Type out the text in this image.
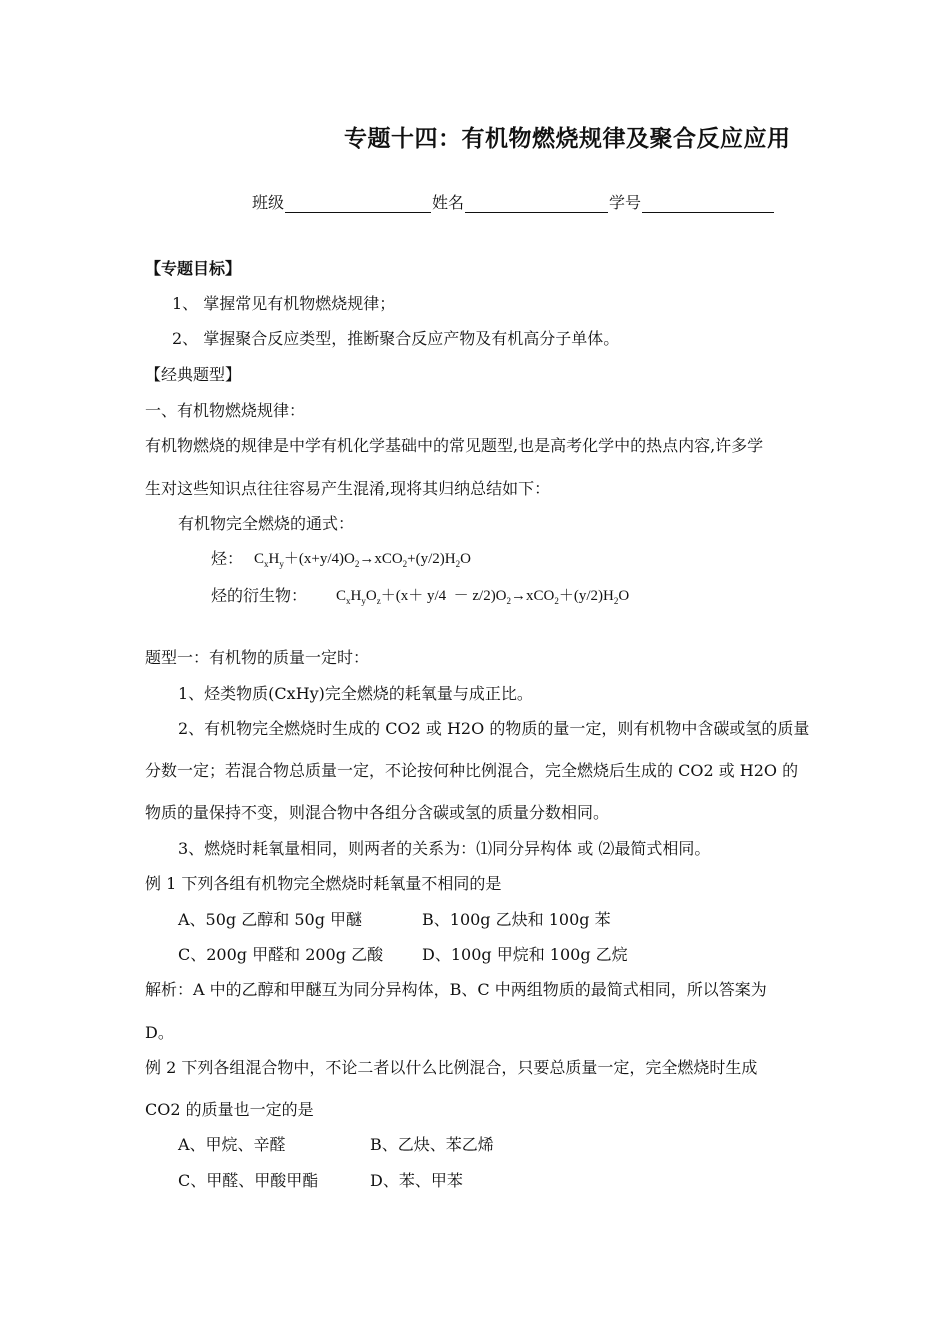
专题十四：有机物燃烧规律及聚合反应应用
班级	姓名	学号
【专题目标】
1、 掌握常见有机物燃烧规律；
2、 掌握聚合反应类型，推断聚合反应产物及有机高分子单体。
【经典题型】
一、有机物燃烧规律：
有机物燃烧的规律是中学有机化学基础中的常见题型,也是高考化学中的热点内容,许多学
生对这些知识点往往容易产生混淆,现将其归纳总结如下：
有机物完全燃烧的通式：
烃： $C_xH_y+(x+y/4)O_2\to xCO_2+(y/2)H_2O$
烃的衍生物： $C_xH_yO_z+(x+ y/4 - z/2)O_2\to xCO_2+(y/2)H_2O$
题型一：有机物的质量一定时：
1、烃类物质(CxHy)完全燃烧的耗氧量与成正比。
2、有机物完全燃烧时生成的 CO2 或 H2O 的物质的量一定，则有机物中含碳或氢的质量
分数一定；若混合物总质量一定，不论按何种比例混合，完全燃烧后生成的 CO2 或 H2O 的
物质的量保持不变，则混合物中各组分含碳或氢的质量分数相同。
3、燃烧时耗氧量相同，则两者的关系为：⑴同分异构体 或 ⑵最简式相同。
例 1 下列各组有机物完全燃烧时耗氧量不相同的是
A、50g 乙醇和 50g 甲醚	B、100g 乙炔和 100g 苯
C、200g 甲醛和 200g 乙酸 D、100g 甲烷和 100g 乙烷
解析：A 中的乙醇和甲醚互为同分异构体，B、C 中两组物质的最简式相同，所以答案为
D。
例 2 下列各组混合物中，不论二者以什么比例混合，只要总质量一定，完全燃烧时生成
CO2 的质量也一定的是
A、甲烷、辛醛	B、乙炔、苯乙烯
C、甲醛、甲酸甲酯	D、苯、甲苯
